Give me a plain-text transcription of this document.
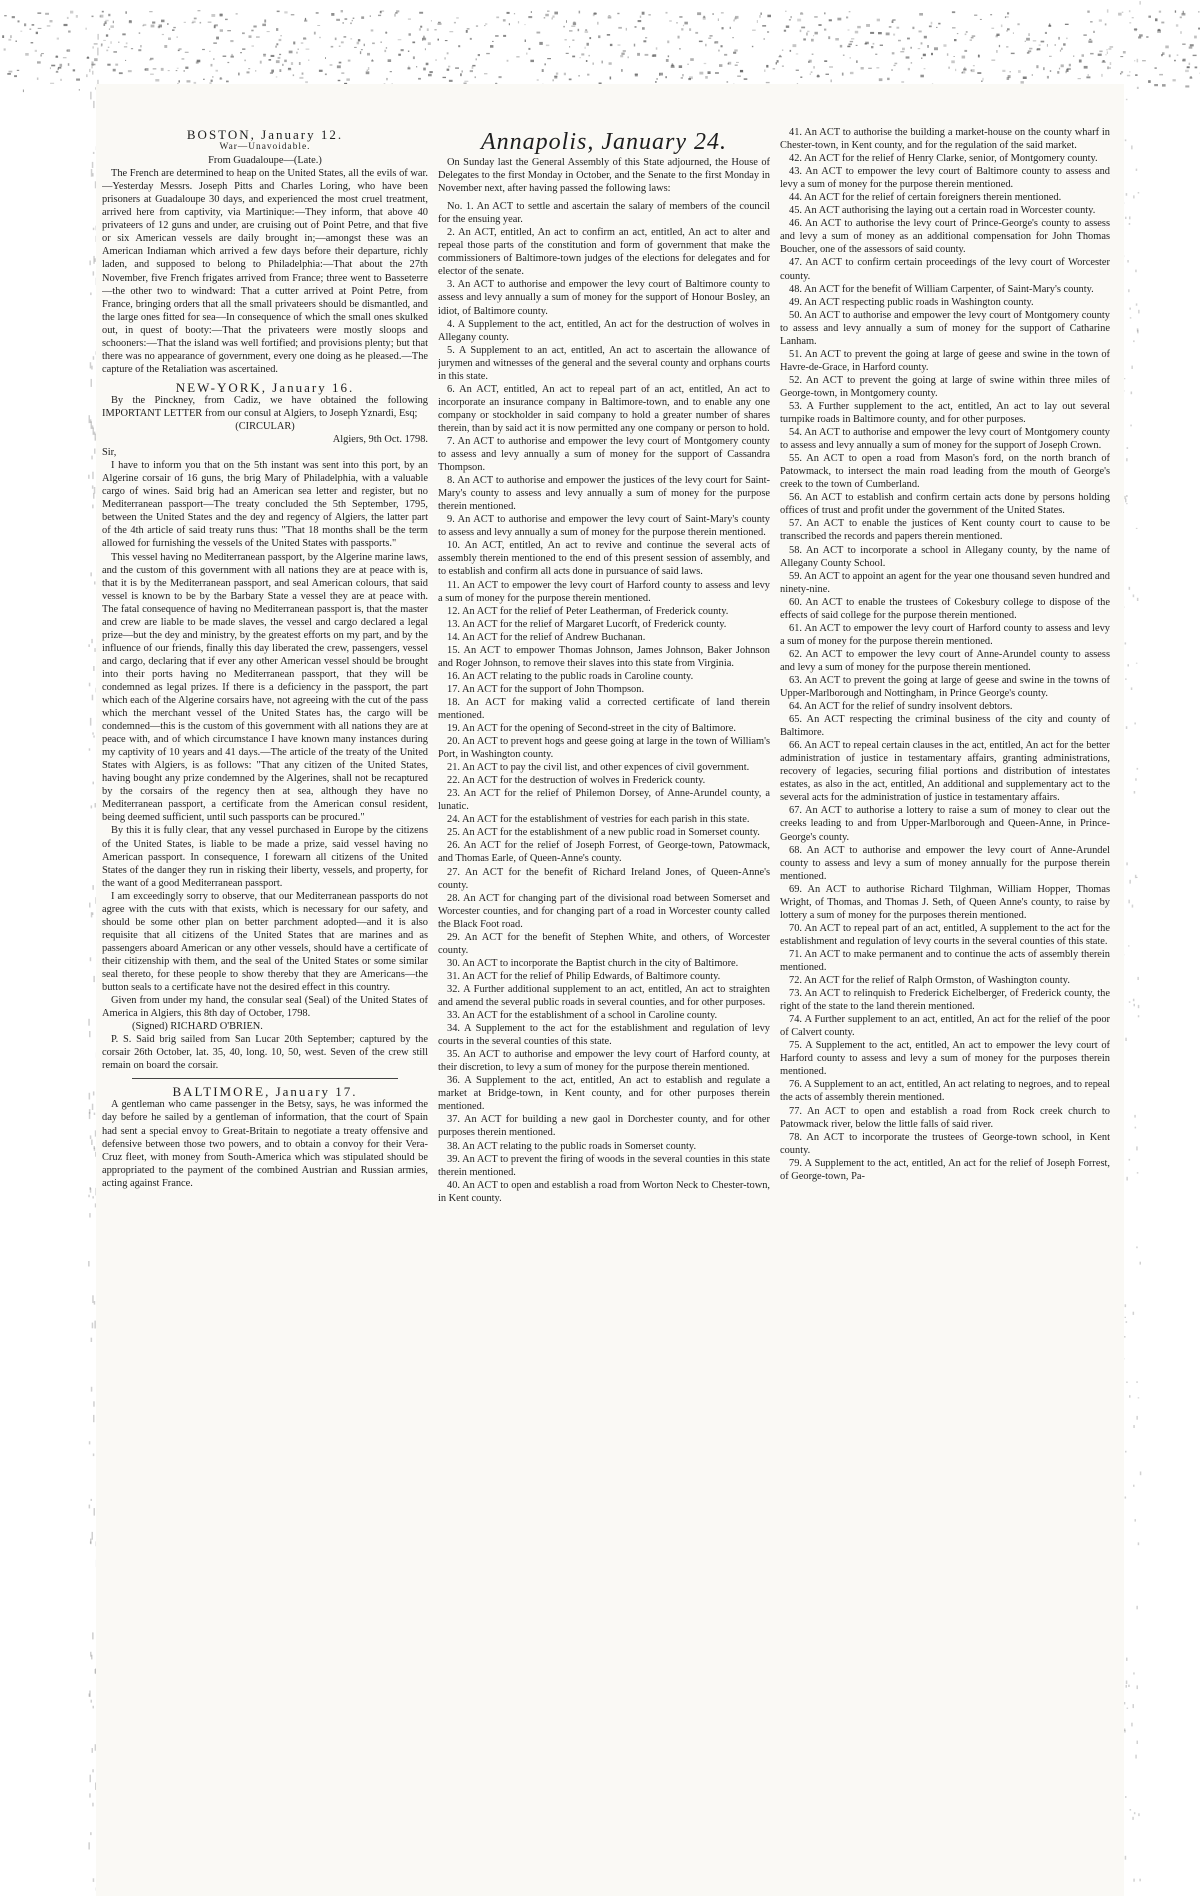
BOSTON, January 12.

War—Unavoidable.

From Guadaloupe—(Late.)

The French are determined to heap on the United States, all the evils of war.—Yesterday Messrs. Joseph Pitts and Charles Loring, who have been prisoners at Guadaloupe 30 days, and experienced the most cruel treatment, arrived here from captivity, via Martinique:—They inform, that above 40 privateers of 12 guns and under, are cruising out of Point Petre, and that five or six American vessels are daily brought in;—amongst these was an American Indiaman which arrived a few days before their departure, richly laden, and supposed to belong to Philadelphia:—That about the 27th November, five French frigates arrived from France; three went to Basseterre—the other two to windward: That a cutter arrived at Point Petre, from France, bringing orders that all the small privateers should be dismantled, and the large ones fitted for sea—In consequence of which the small ones skulked out, in quest of booty:—That the privateers were mostly sloops and schooners:—That the island was well fortified; and provisions plenty; but that there was no appearance of government, every one doing as he pleased.—The capture of the Retaliation was ascertained.

NEW-YORK, January 16.

By the Pinckney, from Cadiz, we have obtained the following IMPORTANT LETTER from our consul at Algiers, to Joseph Yznardi, Esq;

(CIRCULAR)

Algiers, 9th Oct. 1798.

Sir,

I have to inform you that on the 5th instant was sent into this port, by an Algerine corsair of 16 guns, the brig Mary of Philadelphia, with a valuable cargo of wines. Said brig had an American sea letter and register, but no Mediterranean passport—The treaty concluded the 5th September, 1795, between the United States and the dey and regency of Algiers, the latter part of the 4th article of said treaty runs thus: "That 18 months shall be the term allowed for furnishing the vessels of the United States with passports."

This vessel having no Mediterranean passport, by the Algerine marine laws, and the custom of this government with all nations they are at peace with is, that it is by the Mediterranean passport, and seal American colours, that said vessel is known to be by the Barbary State a vessel they are at peace with. The fatal consequence of having no Mediterranean passport is, that the master and crew are liable to be made slaves, the vessel and cargo declared a legal prize—but the dey and ministry, by the greatest efforts on my part, and by the influence of our friends, finally this day liberated the crew, passengers, vessel and cargo, declaring that if ever any other American vessel should be brought into their ports having no Mediterranean passport, that they will be condemned as legal prizes. If there is a deficiency in the passport, the part which each of the Algerine corsairs have, not agreeing with the cut of the pass which the merchant vessel of the United States has, the cargo will be condemned—this is the custom of this government with all nations they are at peace with, and of which circumstance I have known many instances during my captivity of 10 years and 41 days.—The article of the treaty of the United States with Algiers, is as follows: "That any citizen of the United States, having bought any prize condemned by the Algerines, shall not be recaptured by the corsairs of the regency then at sea, although they have no Mediterranean passport, a certificate from the American consul resident, being deemed sufficient, until such passports can be procured."

By this it is fully clear, that any vessel purchased in Europe by the citizens of the United States, is liable to be made a prize, said vessel having no American passport. In consequence, I forewarn all citizens of the United States of the danger they run in risking their liberty, vessels, and property, for the want of a good Mediterranean passport.

I am exceedingly sorry to observe, that our Mediterranean passports do not agree with the cuts with that exists, which is necessary for our safety, and should be some other plan on better parchment adopted—and it is also requisite that all citizens of the United States that are marines and as passengers aboard American or any other vessels, should have a certificate of their citizenship with them, and the seal of the United States or some similar seal thereto, for these people to show thereby that they are Americans—the button seals to a certificate have not the desired effect in this country.

Given from under my hand, the consular seal (Seal) of the United States of America in Algiers, this 8th day of October, 1798.

(Signed) RICHARD O'BRIEN.

P. S. Said brig sailed from San Lucar 20th September; captured by the corsair 26th October, lat. 35, 40, long. 10, 50, west. Seven of the crew still remain on board the corsair.

BALTIMORE, January 17.

A gentleman who came passenger in the Betsy, says, he was informed the day before he sailed by a gentleman of information, that the court of Spain had sent a special envoy to Great-Britain to negotiate a treaty offensive and defensive between those two powers, and to obtain a convoy for their Vera-Cruz fleet, with money from South-America which was stipulated should be appropriated to the payment of the combined Austrian and Russian armies, acting against France.

Annapolis, January 24.

On Sunday last the General Assembly of this State adjourned, the House of Delegates to the first Monday in October, and the Senate to the first Monday in November next, after having passed the following laws:

No. 1. An ACT to settle and ascertain the salary of members of the council for the ensuing year.

2. An ACT, entitled, An act to confirm an act, entitled, An act to alter and repeal those parts of the constitution and form of government that make the commissioners of Baltimore-town judges of the elections for delegates and for elector of the senate.

3. An ACT to authorise and empower the levy court of Baltimore county to assess and levy annually a sum of money for the support of Honour Bosley, an idiot, of Baltimore county.

4. A Supplement to the act, entitled, An act for the destruction of wolves in Allegany county.

5. A Supplement to an act, entitled, An act to ascertain the allowance of jurymen and witnesses of the general and the several county and orphans courts in this state.

6. An ACT, entitled, An act to repeal part of an act, entitled, An act to incorporate an insurance company in Baltimore-town, and to enable any one company or stockholder in said company to hold a greater number of shares therein, than by said act it is now permitted any one company or person to hold.

7. An ACT to authorise and empower the levy court of Montgomery county to assess and levy annually a sum of money for the support of Cassandra Thompson.

8. An ACT to authorise and empower the justices of the levy court for Saint-Mary's county to assess and levy annually a sum of money for the purpose therein mentioned.

9. An ACT to authorise and empower the levy court of Saint-Mary's county to assess and levy annually a sum of money for the purpose therein mentioned.

10. An ACT, entitled, An act to revive and continue the several acts of assembly therein mentioned to the end of this present session of assembly, and to establish and confirm all acts done in pursuance of said laws.

11. An ACT to empower the levy court of Harford county to assess and levy a sum of money for the purpose therein mentioned.

12. An ACT for the relief of Peter Leatherman, of Frederick county.

13. An ACT for the relief of Margaret Lucorft, of Frederick county.

14. An ACT for the relief of Andrew Buchanan.

15. An ACT to empower Thomas Johnson, James Johnson, Baker Johnson and Roger Johnson, to remove their slaves into this state from Virginia.

16. An ACT relating to the public roads in Caroline county.

17. An ACT for the support of John Thompson.

18. An ACT for making valid a corrected certificate of land therein mentioned.

19. An ACT for the opening of Second-street in the city of Baltimore.

20. An ACT to prevent hogs and geese going at large in the town of William's Port, in Washington county.

21. An ACT to pay the civil list, and other expences of civil government.

22. An ACT for the destruction of wolves in Frederick county.

23. An ACT for the relief of Philemon Dorsey, of Anne-Arundel county, a lunatic.

24. An ACT for the establishment of vestries for each parish in this state.

25. An ACT for the establishment of a new public road in Somerset county.

26. An ACT for the relief of Joseph Forrest, of George-town, Patowmack, and Thomas Earle, of Queen-Anne's county.

27. An ACT for the benefit of Richard Ireland Jones, of Queen-Anne's county.

28. An ACT for changing part of the divisional road between Somerset and Worcester counties, and for changing part of a road in Worcester county called the Black Foot road.

29. An ACT for the benefit of Stephen White, and others, of Worcester county.

30. An ACT to incorporate the Baptist church in the city of Baltimore.

31. An ACT for the relief of Philip Edwards, of Baltimore county.

32. A Further additional supplement to an act, entitled, An act to straighten and amend the several public roads in several counties, and for other purposes.

33. An ACT for the establishment of a school in Caroline county.

34. A Supplement to the act for the establishment and regulation of levy courts in the several counties of this state.

35. An ACT to authorise and empower the levy court of Harford county, at their discretion, to levy a sum of money for the purpose therein mentioned.

36. A Supplement to the act, entitled, An act to establish and regulate a market at Bridge-town, in Kent county, and for other purposes therein mentioned.

37. An ACT for building a new gaol in Dorchester county, and for other purposes therein mentioned.

38. An ACT relating to the public roads in Somerset county.

39. An ACT to prevent the firing of woods in the several counties in this state therein mentioned.

40. An ACT to open and establish a road from Worton Neck to Chester-town, in Kent county.

41. An ACT to authorise the building a market-house on the county wharf in Chester-town, in Kent county, and for the regulation of the said market.

42. An ACT for the relief of Henry Clarke, senior, of Montgomery county.

43. An ACT to empower the levy court of Baltimore county to assess and levy a sum of money for the purpose therein mentioned.

44. An ACT for the relief of certain foreigners therein mentioned.

45. An ACT authorising the laying out a certain road in Worcester county.

46. An ACT to authorise the levy court of Prince-George's county to assess and levy a sum of money as an additional compensation for John Thomas Boucher, one of the assessors of said county.

47. An ACT to confirm certain proceedings of the levy court of Worcester county.

48. An ACT for the benefit of William Carpenter, of Saint-Mary's county.

49. An ACT respecting public roads in Washington county.

50. An ACT to authorise and empower the levy court of Montgomery county to assess and levy annually a sum of money for the support of Catharine Lanham.

51. An ACT to prevent the going at large of geese and swine in the town of Havre-de-Grace, in Harford county.

52. An ACT to prevent the going at large of swine within three miles of George-town, in Montgomery county.

53. A Further supplement to the act, entitled, An act to lay out several turnpike roads in Baltimore county, and for other purposes.

54. An ACT to authorise and empower the levy court of Montgomery county to assess and levy annually a sum of money for the support of Joseph Crown.

55. An ACT to open a road from Mason's ford, on the north branch of Patowmack, to intersect the main road leading from the mouth of George's creek to the town of Cumberland.

56. An ACT to establish and confirm certain acts done by persons holding offices of trust and profit under the government of the United States.

57. An ACT to enable the justices of Kent county court to cause to be transcribed the records and papers therein mentioned.

58. An ACT to incorporate a school in Allegany county, by the name of Allegany County School.

59. An ACT to appoint an agent for the year one thousand seven hundred and ninety-nine.

60. An ACT to enable the trustees of Cokesbury college to dispose of the effects of said college for the purpose therein mentioned.

61. An ACT to empower the levy court of Harford county to assess and levy a sum of money for the purpose therein mentioned.

62. An ACT to empower the levy court of Anne-Arundel county to assess and levy a sum of money for the purpose therein mentioned.

63. An ACT to prevent the going at large of geese and swine in the towns of Upper-Marlborough and Nottingham, in Prince George's county.

64. An ACT for the relief of sundry insolvent debtors.

65. An ACT respecting the criminal business of the city and county of Baltimore.

66. An ACT to repeal certain clauses in the act, entitled, An act for the better administration of justice in testamentary affairs, granting administrations, recovery of legacies, securing filial portions and distribution of intestates estates, as also in the act, entitled, An additional and supplementary act to the several acts for the administration of justice in testamentary affairs.

67. An ACT to authorise a lottery to raise a sum of money to clear out the creeks leading to and from Upper-Marlborough and Queen-Anne, in Prince-George's county.

68. An ACT to authorise and empower the levy court of Anne-Arundel county to assess and levy a sum of money annually for the purpose therein mentioned.

69. An ACT to authorise Richard Tilghman, William Hopper, Thomas Wright, of Thomas, and Thomas J. Seth, of Queen Anne's county, to raise by lottery a sum of money for the purposes therein mentioned.

70. An ACT to repeal part of an act, entitled, A supplement to the act for the establishment and regulation of levy courts in the several counties of this state.

71. An ACT to make permanent and to continue the acts of assembly therein mentioned.

72. An ACT for the relief of Ralph Ormston, of Washington county.

73. An ACT to relinquish to Frederick Eichelberger, of Frederick county, the right of the state to the land therein mentioned.

74. A Further supplement to an act, entitled, An act for the relief of the poor of Calvert county.

75. A Supplement to the act, entitled, An act to empower the levy court of Harford county to assess and levy a sum of money for the purposes therein mentioned.

76. A Supplement to an act, entitled, An act relating to negroes, and to repeal the acts of assembly therein mentioned.

77. An ACT to open and establish a road from Rock creek church to Patowmack river, below the little falls of said river.

78. An ACT to incorporate the trustees of George-town school, in Kent county.

79. A Supplement to the act, entitled, An act for the relief of Joseph Forrest, of George-town, Pa-
